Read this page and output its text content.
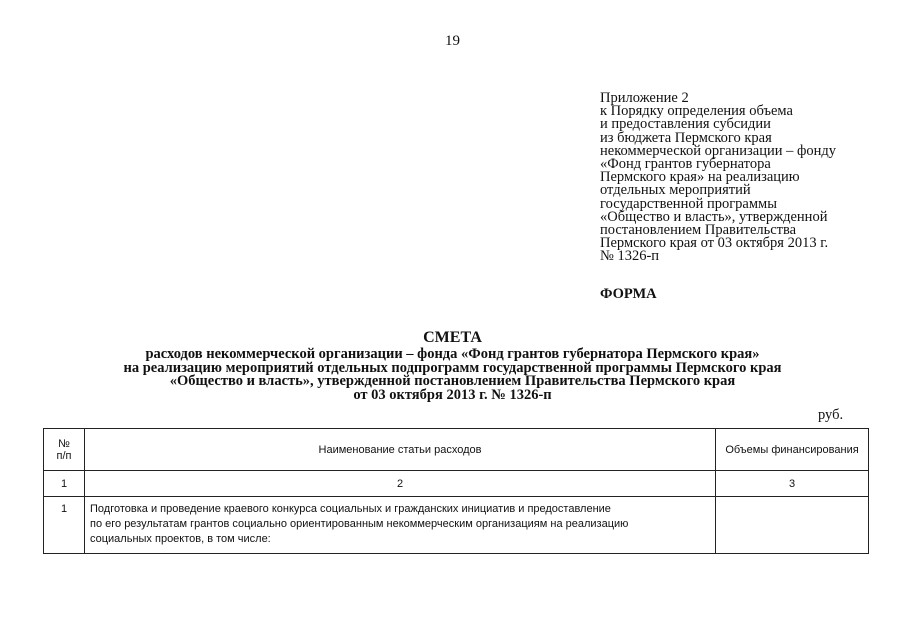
19
Приложение 2
к Порядку определения объема
и предоставления субсидии
из бюджета Пермского края
некоммерческой организации – фонду
«Фонд грантов губернатора
Пермского края» на реализацию
отдельных мероприятий
государственной программы
«Общество и власть», утвержденной
постановлением Правительства
Пермского края от 03 октября 2013 г.
№ 1326-п
ФОРМА
СМЕТА
расходов некоммерческой организации – фонда «Фонд грантов губернатора Пермского края»
на реализацию мероприятий отдельных подпрограмм государственной программы Пермского края
«Общество и власть», утвержденной постановлением Правительства Пермского края
от 03 октября 2013 г. № 1326-п
руб.
№
п/п	Наименование статьи расходов	Объемы финансирования
1	2	3
1	Подготовка и проведение краевого конкурса социальных и гражданских инициатив и предоставление
по его результатам грантов социально ориентированным некоммерческим организациям на реализацию
социальных проектов, в том числе:	
